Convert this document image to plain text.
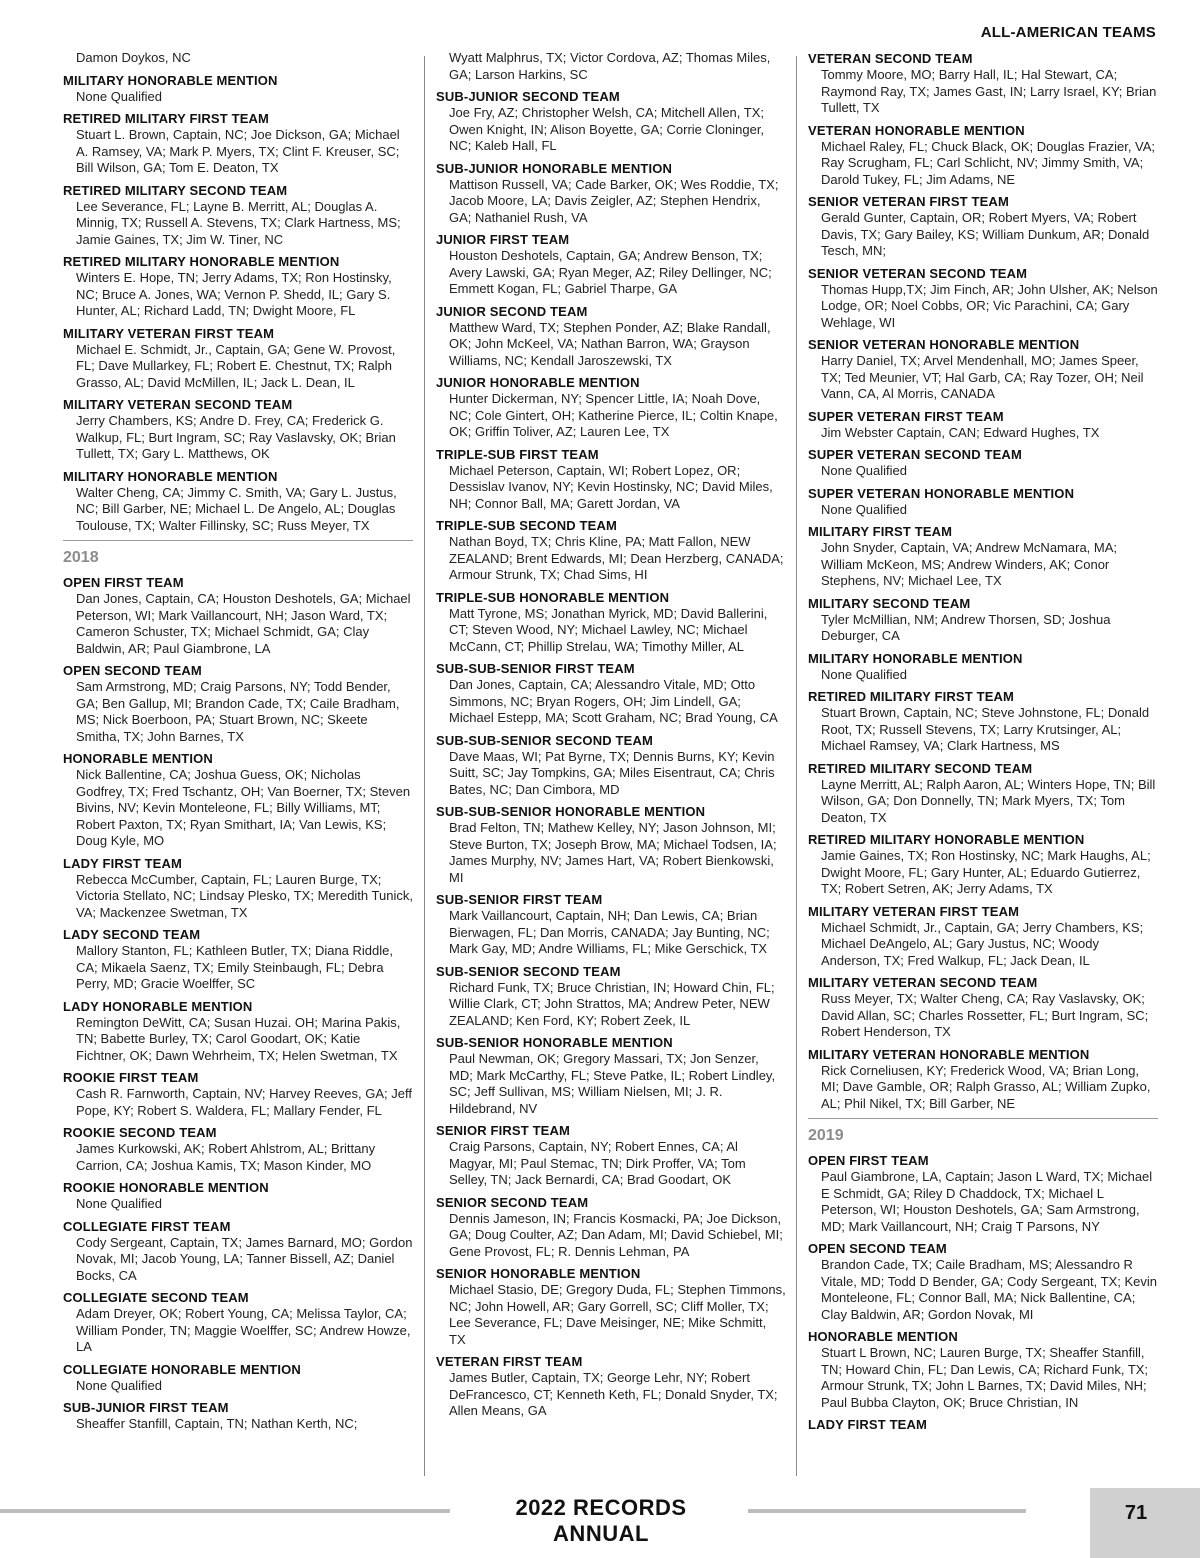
ALL-AMERICAN TEAMS
Damon Doykos, NC
MILITARY HONORABLE MENTION
None Qualified
RETIRED MILITARY FIRST TEAM
Stuart L. Brown, Captain, NC; Joe Dickson, GA; Michael A. Ramsey, VA; Mark P. Myers, TX; Clint F. Kreuser, SC; Bill Wilson, GA; Tom E. Deaton, TX
RETIRED MILITARY SECOND TEAM
Lee Severance, FL; Layne B. Merritt, AL; Douglas A. Minnig, TX; Russell A. Stevens, TX; Clark Hartness, MS; Jamie Gaines, TX; Jim W. Tiner, NC
RETIRED MILITARY HONORABLE MENTION
Winters E. Hope, TN; Jerry Adams, TX; Ron Hostinsky, NC; Bruce A. Jones, WA; Vernon P. Shedd, IL; Gary S. Hunter, AL; Richard Ladd, TN; Dwight Moore, FL
MILITARY VETERAN FIRST TEAM
Michael E. Schmidt, Jr., Captain, GA; Gene W. Provost, FL; Dave Mullarkey, FL; Robert E. Chestnut, TX; Ralph Grasso, AL; David McMillen, IL; Jack L. Dean, IL
MILITARY VETERAN SECOND TEAM
Jerry Chambers, KS; Andre D. Frey, CA; Frederick G. Walkup, FL; Burt Ingram, SC; Ray Vaslavsky, OK; Brian Tullett, TX; Gary L. Matthews, OK
MILITARY HONORABLE MENTION
Walter Cheng, CA; Jimmy C. Smith, VA; Gary L. Justus, NC; Bill Garber, NE; Michael L. De Angelo, AL; Douglas Toulouse, TX; Walter Fillinsky, SC; Russ Meyer, TX
2018
OPEN FIRST TEAM
Dan Jones, Captain, CA; Houston Deshotels, GA; Michael Peterson, WI; Mark Vaillancourt, NH; Jason Ward, TX; Cameron Schuster, TX; Michael Schmidt, GA; Clay Baldwin, AR; Paul Giambrone, LA
OPEN SECOND TEAM
Sam Armstrong, MD; Craig Parsons, NY; Todd Bender, GA; Ben Gallup, MI; Brandon Cade, TX; Caile Bradham, MS; Nick Boerboon, PA; Stuart Brown, NC; Skeete Smitha, TX; John Barnes, TX
HONORABLE MENTION
Nick Ballentine, CA; Joshua Guess, OK; Nicholas Godfrey, TX; Fred Tschantz, OH; Van Boerner, TX; Steven Bivins, NV; Kevin Monteleone, FL; Billy Williams, MT; Robert Paxton, TX; Ryan Smithart, IA; Van Lewis, KS; Doug Kyle, MO
LADY FIRST TEAM
Rebecca McCumber, Captain, FL; Lauren Burge, TX; Victoria Stellato, NC; Lindsay Plesko, TX; Meredith Tunick, VA; Mackenzee Swetman, TX
LADY SECOND TEAM
Mallory Stanton, FL; Kathleen Butler, TX; Diana Riddle, CA; Mikaela Saenz, TX; Emily Steinbaugh, FL; Debra Perry, MD; Gracie Woelffer, SC
LADY HONORABLE MENTION
Remington DeWitt, CA; Susan Huzai. OH; Marina Pakis, TN; Babette Burley, TX; Carol Goodart, OK; Katie Fichtner, OK; Dawn Wehrheim, TX; Helen Swetman, TX
ROOKIE FIRST TEAM
Cash R. Farnworth, Captain, NV; Harvey Reeves, GA; Jeff Pope, KY; Robert S. Waldera, FL; Mallary Fender, FL
ROOKIE SECOND TEAM
James Kurkowski, AK; Robert Ahlstrom, AL; Brittany Carrion, CA; Joshua Kamis, TX; Mason Kinder, MO
ROOKIE HONORABLE MENTION
None Qualified
COLLEGIATE FIRST TEAM
Cody Sergeant, Captain, TX; James Barnard, MO; Gordon Novak, MI; Jacob Young, LA; Tanner Bissell, AZ; Daniel Bocks, CA
COLLEGIATE SECOND TEAM
Adam Dreyer, OK; Robert Young, CA; Melissa Taylor, CA; William Ponder, TN; Maggie Woelffer, SC; Andrew Howze, LA
COLLEGIATE HONORABLE MENTION
None Qualified
SUB-JUNIOR FIRST TEAM
Sheaffer Stanfill, Captain, TN; Nathan Kerth, NC;
Wyatt Malphrus, TX; Victor Cordova, AZ; Thomas Miles, GA; Larson Harkins, SC
SUB-JUNIOR SECOND TEAM
Joe Fry, AZ; Christopher Welsh, CA; Mitchell Allen, TX; Owen Knight, IN; Alison Boyette, GA; Corrie Cloninger, NC; Kaleb Hall, FL
SUB-JUNIOR HONORABLE MENTION
Mattison Russell, VA; Cade Barker, OK; Wes Roddie, TX; Jacob Moore, LA; Davis Zeigler, AZ; Stephen Hendrix, GA; Nathaniel Rush, VA
JUNIOR FIRST TEAM
Houston Deshotels, Captain, GA; Andrew Benson, TX; Avery Lawski, GA; Ryan Meger, AZ; Riley Dellinger, NC; Emmett Kogan, FL; Gabriel Tharpe, GA
JUNIOR SECOND TEAM
Matthew Ward, TX; Stephen Ponder, AZ; Blake Randall, OK; John McKeel, VA; Nathan Barron, WA; Grayson Williams, NC; Kendall Jaroszewski, TX
JUNIOR HONORABLE MENTION
Hunter Dickerman, NY; Spencer Little, IA; Noah Dove, NC; Cole Gintert, OH; Katherine Pierce, IL; Coltin Knape, OK; Griffin Toliver, AZ; Lauren Lee, TX
TRIPLE-SUB FIRST TEAM
Michael Peterson, Captain, WI; Robert Lopez, OR; Dessislav Ivanov, NY; Kevin Hostinsky, NC; David Miles, NH; Connor Ball, MA; Garett Jordan, VA
TRIPLE-SUB SECOND TEAM
Nathan Boyd, TX; Chris Kline, PA; Matt Fallon, NEW ZEALAND; Brent Edwards, MI; Dean Herzberg, CANADA; Armour Strunk, TX; Chad Sims, HI
TRIPLE-SUB HONORABLE MENTION
Matt Tyrone, MS; Jonathan Myrick, MD; David Ballerini, CT; Steven Wood, NY; Michael Lawley, NC; Michael McCann, CT; Phillip Strelau, WA; Timothy Miller, AL
SUB-SUB-SENIOR FIRST TEAM
Dan Jones, Captain, CA; Alessandro Vitale, MD; Otto Simmons, NC; Bryan Rogers, OH; Jim Lindell, GA; Michael Estepp, MA; Scott Graham, NC; Brad Young, CA
SUB-SUB-SENIOR SECOND TEAM
Dave Maas, WI; Pat Byrne, TX; Dennis Burns, KY; Kevin Suitt, SC; Jay Tompkins, GA; Miles Eisentraut, CA; Chris Bates, NC; Dan Cimbora, MD
SUB-SUB-SENIOR HONORABLE MENTION
Brad Felton, TN; Mathew Kelley, NY; Jason Johnson, MI; Steve Burton, TX; Joseph Brow, MA; Michael Todsen, IA; James Murphy, NV; James Hart, VA; Robert Bienkowski, MI
SUB-SENIOR FIRST TEAM
Mark Vaillancourt, Captain, NH; Dan Lewis, CA; Brian Bierwagen, FL; Dan Morris, CANADA; Jay Bunting, NC; Mark Gay, MD; Andre Williams, FL; Mike Gerschick, TX
SUB-SENIOR SECOND TEAM
Richard Funk, TX; Bruce Christian, IN; Howard Chin, FL; Willie Clark, CT; John Strattos, MA; Andrew Peter, NEW ZEALAND; Ken Ford, KY; Robert Zeek, IL
SUB-SENIOR HONORABLE MENTION
Paul Newman, OK; Gregory Massari, TX; Jon Senzer, MD; Mark McCarthy, FL; Steve Patke, IL; Robert Lindley, SC; Jeff Sullivan, MS; William Nielsen, MI; J. R. Hildebrand, NV
SENIOR FIRST TEAM
Craig Parsons, Captain, NY; Robert Ennes, CA; Al Magyar, MI; Paul Stemac, TN; Dirk Proffer, VA; Tom Selley, TN; Jack Bernardi, CA; Brad Goodart, OK
SENIOR SECOND TEAM
Dennis Jameson, IN; Francis Kosmacki, PA; Joe Dickson, GA; Doug Coulter, AZ; Dan Adam, MI; David Schiebel, MI; Gene Provost, FL; R. Dennis Lehman, PA
SENIOR HONORABLE MENTION
Michael Stasio, DE; Gregory Duda, FL; Stephen Timmons, NC; John Howell, AR; Gary Gorrell, SC; Cliff Moller, TX; Lee Severance, FL; Dave Meisinger, NE; Mike Schmitt, TX
VETERAN FIRST TEAM
James Butler, Captain, TX; George Lehr, NY; Robert DeFrancesco, CT; Kenneth Keth, FL; Donald Snyder, TX; Allen Means, GA
VETERAN SECOND TEAM
Tommy Moore, MO; Barry Hall, IL; Hal Stewart, CA; Raymond Ray, TX; James Gast, IN; Larry Israel, KY; Brian Tullett, TX
VETERAN HONORABLE MENTION
Michael Raley, FL; Chuck Black, OK; Douglas Frazier, VA; Ray Scrugham, FL; Carl Schlicht, NV; Jimmy Smith, VA; Darold Tukey, FL; Jim Adams, NE
SENIOR VETERAN FIRST TEAM
Gerald Gunter, Captain, OR; Robert Myers, VA; Robert Davis, TX; Gary Bailey, KS; William Dunkum, AR; Donald Tesch, MN;
SENIOR VETERAN SECOND TEAM
Thomas Hupp,TX; Jim Finch, AR; John Ulsher, AK; Nelson Lodge, OR; Noel Cobbs, OR; Vic Parachini, CA; Gary Wehlage, WI
SENIOR VETERAN HONORABLE MENTION
Harry Daniel, TX; Arvel Mendenhall, MO; James Speer, TX; Ted Meunier, VT; Hal Garb, CA; Ray Tozer, OH; Neil Vann, CA, Al Morris, CANADA
SUPER VETERAN FIRST TEAM
Jim Webster Captain, CAN; Edward Hughes, TX
SUPER VETERAN SECOND TEAM
None Qualified
SUPER VETERAN HONORABLE MENTION
None Qualified
MILITARY FIRST TEAM
John Snyder, Captain, VA; Andrew McNamara, MA; William McKeon, MS; Andrew Winders, AK; Conor Stephens, NV; Michael Lee, TX
MILITARY SECOND TEAM
Tyler McMillian, NM; Andrew Thorsen, SD; Joshua Deburger, CA
MILITARY HONORABLE MENTION
None Qualified
RETIRED MILITARY FIRST TEAM
Stuart Brown, Captain, NC; Steve Johnstone, FL; Donald Root, TX; Russell Stevens, TX; Larry Krutsinger, AL; Michael Ramsey, VA; Clark Hartness, MS
RETIRED MILITARY SECOND TEAM
Layne Merritt, AL; Ralph Aaron, AL; Winters Hope, TN; Bill Wilson, GA; Don Donnelly, TN; Mark Myers, TX; Tom Deaton, TX
RETIRED MILITARY HONORABLE MENTION
Jamie Gaines, TX; Ron Hostinsky, NC; Mark Haughs, AL; Dwight Moore, FL; Gary Hunter, AL; Eduardo Gutierrez, TX; Robert Setren, AK; Jerry Adams, TX
MILITARY VETERAN FIRST TEAM
Michael Schmidt, Jr., Captain, GA; Jerry Chambers, KS; Michael DeAngelo, AL; Gary Justus, NC; Woody Anderson, TX; Fred Walkup, FL; Jack Dean, IL
MILITARY VETERAN SECOND TEAM
Russ Meyer, TX; Walter Cheng, CA; Ray Vaslavsky, OK; David Allan, SC; Charles Rossetter, FL; Burt Ingram, SC; Robert Henderson, TX
MILITARY VETERAN HONORABLE MENTION
Rick Corneliusen, KY; Frederick Wood, VA; Brian Long, MI; Dave Gamble, OR; Ralph Grasso, AL; William Zupko, AL; Phil Nikel, TX; Bill Garber, NE
2019
OPEN FIRST TEAM
Paul Giambrone, LA, Captain; Jason L Ward, TX; Michael E Schmidt, GA; Riley D Chaddock, TX; Michael L Peterson, WI; Houston Deshotels, GA; Sam Armstrong, MD; Mark Vaillancourt, NH; Craig T Parsons, NY
OPEN SECOND TEAM
Brandon Cade, TX; Caile Bradham, MS; Alessandro R Vitale, MD; Todd D Bender, GA; Cody Sergeant, TX; Kevin Monteleone, FL; Connor Ball, MA; Nick Ballentine, CA; Clay Baldwin, AR; Gordon Novak, MI
HONORABLE MENTION
Stuart L Brown, NC; Lauren Burge, TX; Sheaffer Stanfill, TN; Howard Chin, FL; Dan Lewis, CA; Richard Funk, TX; Armour Strunk, TX; John L Barnes, TX; David Miles, NH; Paul Bubba Clayton, OK; Bruce Christian, IN
LADY FIRST TEAM
2022 RECORDS ANNUAL
71
